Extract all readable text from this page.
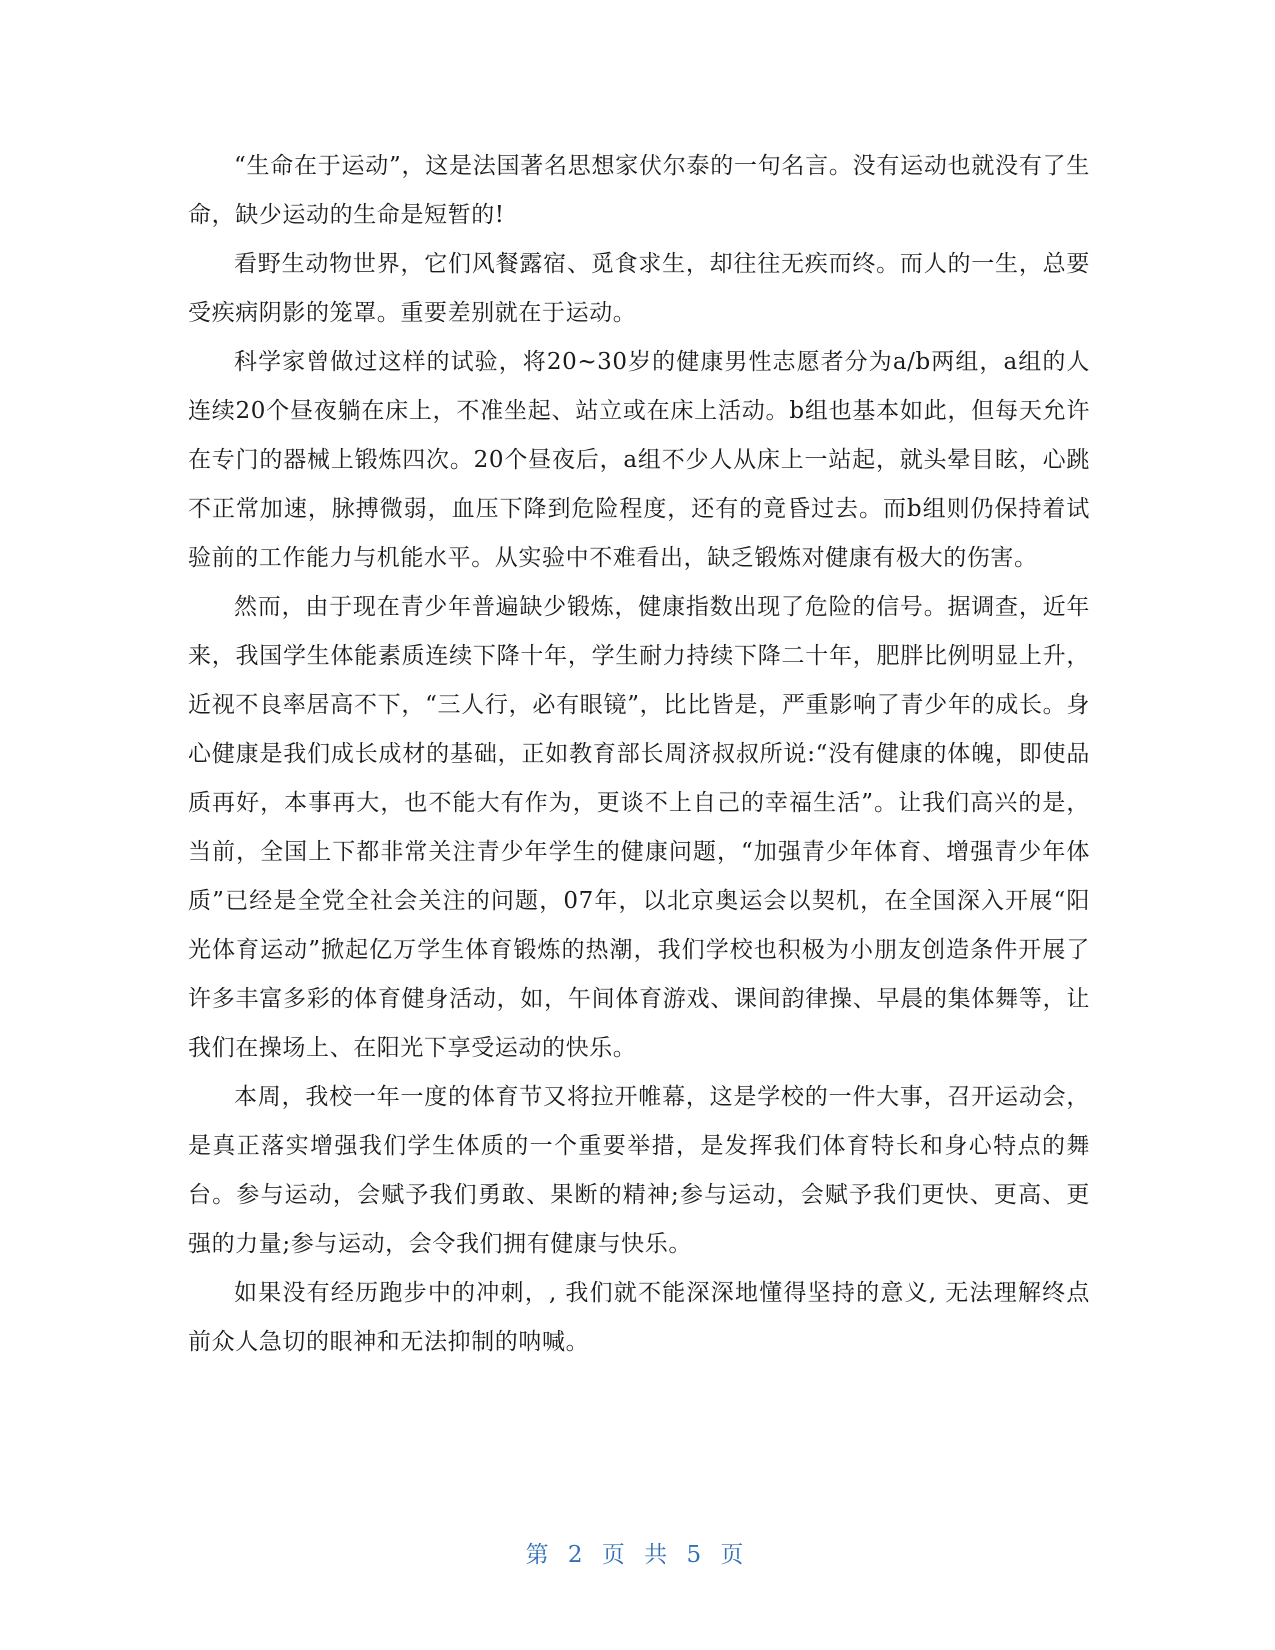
“生命在于运动”，这是法国著名思想家伏尔泰的一句名言。没有运动也就没有了生命，缺少运动的生命是短暂的!

看野生动物世界，它们风餐露宿、觅食求生，却往往无疾而终。而人的一生，总要受疾病阴影的笼罩。重要差别就在于运动。

科学家曾做过这样的试验，将20~30岁的健康男性志愿者分为a/b两组，a组的人连续20个昼夜躺在床上，不准坐起、站立或在床上活动。b组也基本如此，但每天允许在专门的器械上锻炼四次。20个昼夜后，a组不少人从床上一站起，就头晕目眩，心跳不正常加速，脉搏微弱，血压下降到危险程度，还有的竟昏过去。而b组则仍保持着试验前的工作能力与机能水平。从实验中不难看出，缺乏锻炼对健康有极大的伤害。

然而，由于现在青少年普遍缺少锻炼，健康指数出现了危险的信号。据调查，近年来，我国学生体能素质连续下降十年，学生耐力持续下降二十年，肥胖比例明显上升，近视不良率居高不下，“三人行，必有眼镜”，比比皆是，严重影响了青少年的成长。身心健康是我们成长成材的基础，正如教育部长周济叔叔所说:“没有健康的体魄，即使品质再好，本事再大，也不能大有作为，更谈不上自己的幸福生活”。让我们高兴的是，当前，全国上下都非常关注青少年学生的健康问题，“加强青少年体育、增强青少年体质”已经是全党全社会关注的问题，07年，以北京奥运会以契机，在全国深入开展“阳光体育运动”掀起亿万学生体育锻炼的热潮，我们学校也积极为小朋友创造条件开展了许多丰富多彩的体育健身活动，如，午间体育游戏、课间韵律操、早晨的集体舞等，让我们在操场上、在阳光下享受运动的快乐。

本周，我校一年一度的体育节又将拉开帷幕，这是学校的一件大事，召开运动会，是真正落实增强我们学生体质的一个重要举措，是发挥我们体育特长和身心特点的舞台。参与运动，会赋予我们勇敢、果断的精神;参与运动，会赋予我们更快、更高、更强的力量;参与运动，会令我们拥有健康与快乐。

如果没有经历跑步中的冲刺，, 我们就不能深深地懂得坚持的意义, 无法理解终点前众人急切的眼神和无法抑制的呐喊。

第 2 页 共 5 页
